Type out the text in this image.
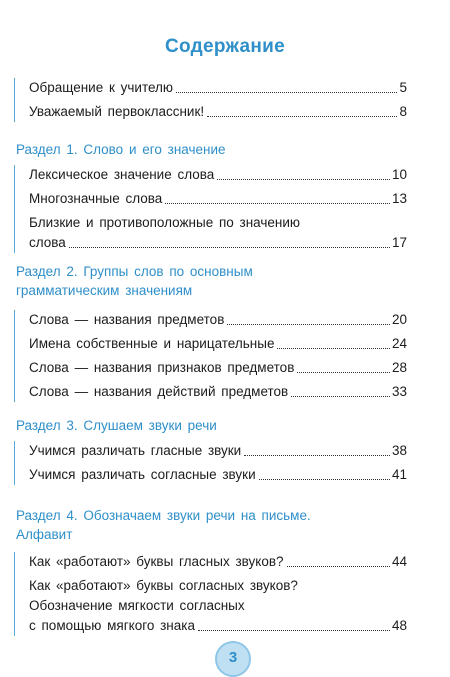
Содержание
Обращение к учителю	5
Уважаемый первоклассник!	8
Раздел 1. Слово и его значение
Лексическое значение слова	10
Многозначные слова	13
Близкие и противоположные по значению
слова	17
Раздел 2. Группы слов по основным
грамматическим значениям
Слова — названия предметов	20
Имена собственные и нарицательные	24
Слова — названия признаков предметов	28
Слова — названия действий предметов	33
Раздел 3. Слушаем звуки речи
Учимся различать гласные звуки	38
Учимся различать согласные звуки	41
Раздел 4. Обозначаем звуки речи на письме.
Алфавит
Как «работают» буквы гласных звуков?	44
Как «работают» буквы согласных звуков?
Обозначение мягкости согласных
с помощью мягкого знака	48
3
